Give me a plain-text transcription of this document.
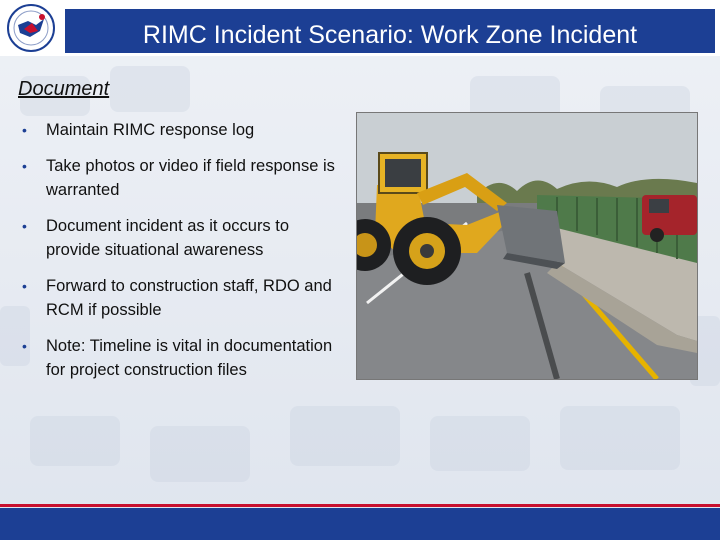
RIMC Incident Scenario: Work Zone Incident
Document
• Maintain RIMC response log
• Take photos or video if field response is warranted
• Document incident as it occurs to provide situational awareness
• Forward to construction staff, RDO and RCM if possible
• Note: Timeline is vital in documentation for project construction files
